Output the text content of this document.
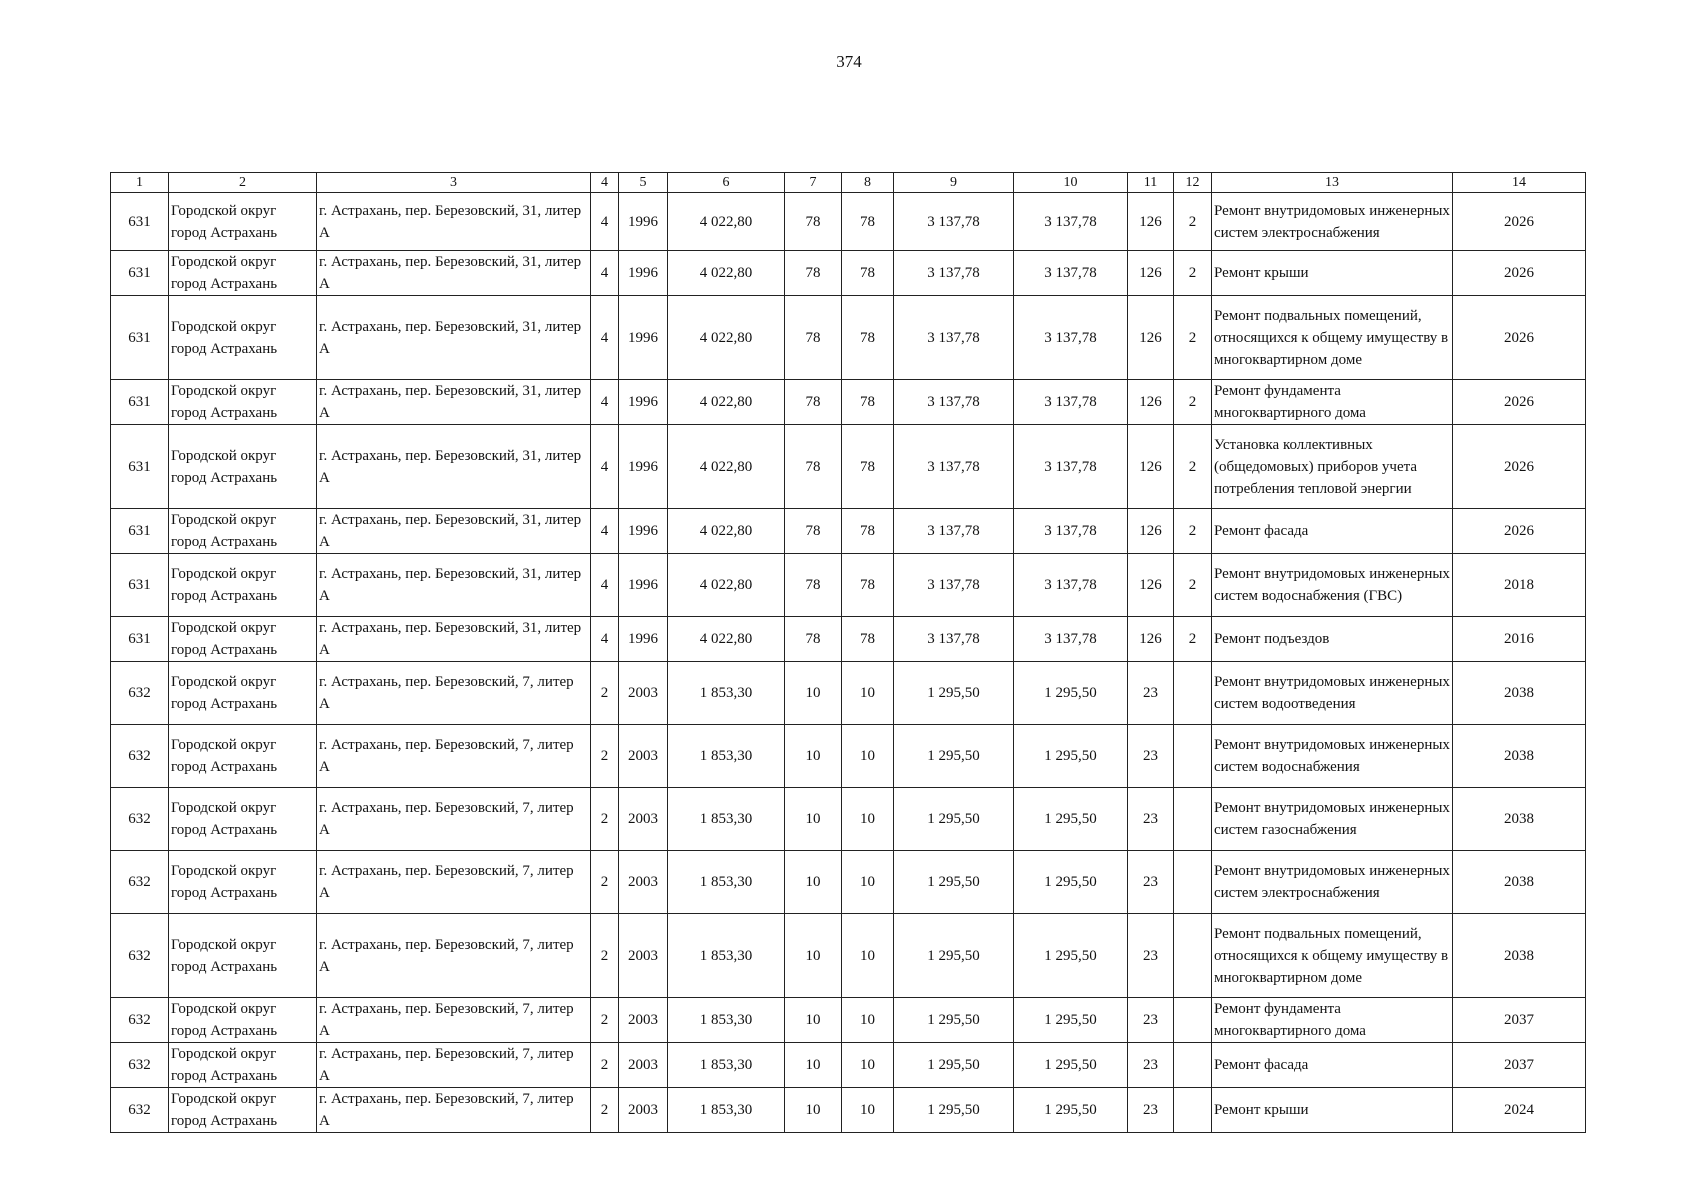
374
1	2	3	4	5	6	7	8	9	10	11	12	13	14
631	Городской округ город Астрахань	г. Астрахань, пер. Березовский, 31, литер А	4	1996	4 022,80	78	78	3 137,78	3 137,78	126	2	Ремонт внутридомовых инженерных систем электроснабжения	2026
631	Городской округ город Астрахань	г. Астрахань, пер. Березовский, 31, литер А	4	1996	4 022,80	78	78	3 137,78	3 137,78	126	2	Ремонт крыши	2026
631	Городской округ город Астрахань	г. Астрахань, пер. Березовский, 31, литер А	4	1996	4 022,80	78	78	3 137,78	3 137,78	126	2	Ремонт подвальных помещений, относящихся к общему имуществу в многоквартирном доме	2026
631	Городской округ город Астрахань	г. Астрахань, пер. Березовский, 31, литер А	4	1996	4 022,80	78	78	3 137,78	3 137,78	126	2	Ремонт фундамента многоквартирного дома	2026
631	Городской округ город Астрахань	г. Астрахань, пер. Березовский, 31, литер А	4	1996	4 022,80	78	78	3 137,78	3 137,78	126	2	Установка коллективных (общедомовых) приборов учета потребления тепловой энергии	2026
631	Городской округ город Астрахань	г. Астрахань, пер. Березовский, 31, литер А	4	1996	4 022,80	78	78	3 137,78	3 137,78	126	2	Ремонт фасада	2026
631	Городской округ город Астрахань	г. Астрахань, пер. Березовский, 31, литер А	4	1996	4 022,80	78	78	3 137,78	3 137,78	126	2	Ремонт внутридомовых инженерных систем водоснабжения (ГВС)	2018
631	Городской округ город Астрахань	г. Астрахань, пер. Березовский, 31, литер А	4	1996	4 022,80	78	78	3 137,78	3 137,78	126	2	Ремонт подъездов	2016
632	Городской округ город Астрахань	г. Астрахань, пер. Березовский, 7, литер А	2	2003	1 853,30	10	10	1 295,50	1 295,50	23		Ремонт внутридомовых инженерных систем водоотведения	2038
632	Городской округ город Астрахань	г. Астрахань, пер. Березовский, 7, литер А	2	2003	1 853,30	10	10	1 295,50	1 295,50	23		Ремонт внутридомовых инженерных систем водоснабжения	2038
632	Городской округ город Астрахань	г. Астрахань, пер. Березовский, 7, литер А	2	2003	1 853,30	10	10	1 295,50	1 295,50	23		Ремонт внутридомовых инженерных систем газоснабжения	2038
632	Городской округ город Астрахань	г. Астрахань, пер. Березовский, 7, литер А	2	2003	1 853,30	10	10	1 295,50	1 295,50	23		Ремонт внутридомовых инженерных систем электроснабжения	2038
632	Городской округ город Астрахань	г. Астрахань, пер. Березовский, 7, литер А	2	2003	1 853,30	10	10	1 295,50	1 295,50	23		Ремонт подвальных помещений, относящихся к общему имуществу в многоквартирном доме	2038
632	Городской округ город Астрахань	г. Астрахань, пер. Березовский, 7, литер А	2	2003	1 853,30	10	10	1 295,50	1 295,50	23		Ремонт фундамента многоквартирного дома	2037
632	Городской округ город Астрахань	г. Астрахань, пер. Березовский, 7, литер А	2	2003	1 853,30	10	10	1 295,50	1 295,50	23		Ремонт фасада	2037
632	Городской округ город Астрахань	г. Астрахань, пер. Березовский, 7, литер А	2	2003	1 853,30	10	10	1 295,50	1 295,50	23		Ремонт крыши	2024
